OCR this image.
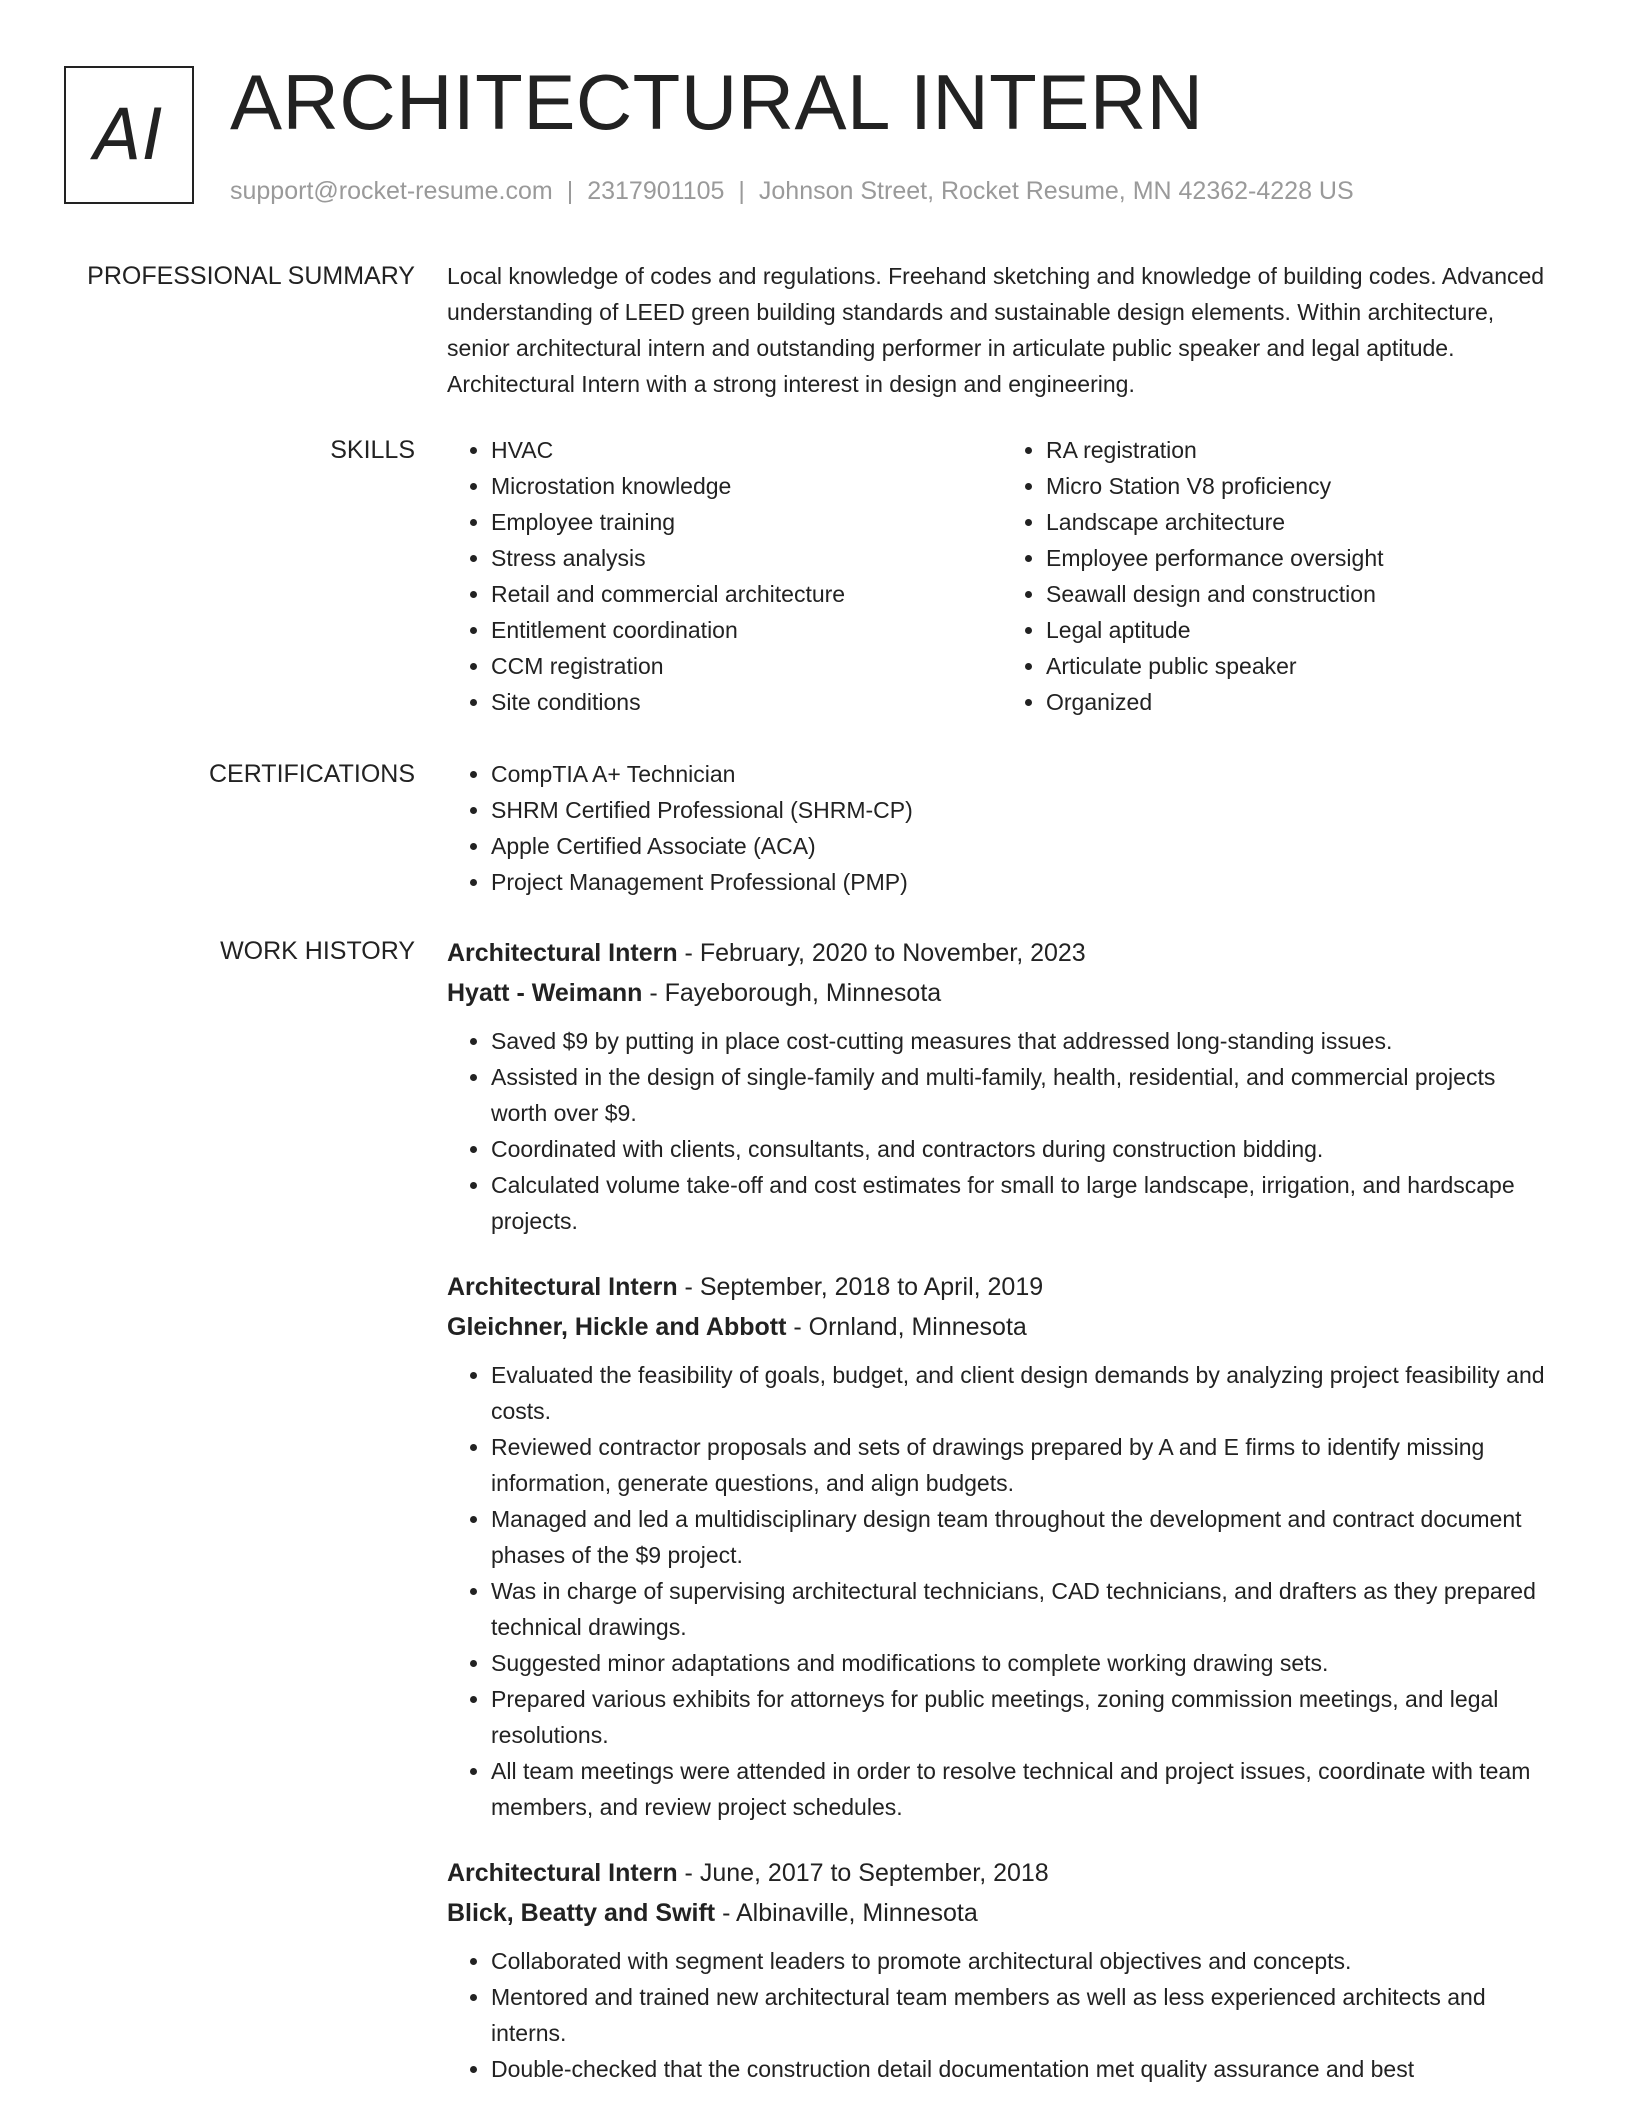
AI ARCHITECTURAL INTERN
support@rocket-resume.com | 2317901105 | Johnson Street, Rocket Resume, MN 42362-4228 US
PROFESSIONAL SUMMARY Local knowledge of codes and regulations. Freehand sketching and knowledge of building codes. Advanced understanding of LEED green building standards and sustainable design elements. Within architecture, senior architectural intern and outstanding performer in articulate public speaker and legal aptitude. Architectural Intern with a strong interest in design and engineering.
SKILLS	• HVAC
• Microstation knowledge
• Employee training
• Stress analysis
• Retail and commercial architecture
• Entitlement coordination
• CCM registration
• Site conditions
• RA registration
• Micro Station V8 proficiency
• Landscape architecture
• Employee performance oversight
• Seawall design and construction
• Legal aptitude
• Articulate public speaker
• Organized
CERTIFICATIONS	• CompTIA A+ Technician
• SHRM Certified Professional (SHRM-CP)
• Apple Certified Associate (ACA)
• Project Management Professional (PMP)
WORK HISTORY Architectural Intern - February, 2020 to November, 2023
Hyatt - Weimann - Fayeborough, Minnesota
• Saved $9 by putting in place cost-cutting measures that addressed long-standing issues.
• Assisted in the design of single-family and multi-family, health, residential, and commercial projects worth over $9.
• Coordinated with clients, consultants, and contractors during construction bidding.
• Calculated volume take-off and cost estimates for small to large landscape, irrigation, and hardscape projects.
Architectural Intern - September, 2018 to April, 2019
Gleichner, Hickle and Abbott - Ornland, Minnesota
• Evaluated the feasibility of goals, budget, and client design demands by analyzing project feasibility and costs.
• Reviewed contractor proposals and sets of drawings prepared by A and E firms to identify missing information, generate questions, and align budgets.
• Managed and led a multidisciplinary design team throughout the development and contract document phases of the $9 project.
• Was in charge of supervising architectural technicians, CAD technicians, and drafters as they prepared technical drawings.
• Suggested minor adaptations and modifications to complete working drawing sets.
• Prepared various exhibits for attorneys for public meetings, zoning commission meetings, and legal resolutions.
• All team meetings were attended in order to resolve technical and project issues, coordinate with team members, and review project schedules.
Architectural Intern - June, 2017 to September, 2018
Blick, Beatty and Swift - Albinaville, Minnesota
• Collaborated with segment leaders to promote architectural objectives and concepts.
• Mentored and trained new architectural team members as well as less experienced architects and interns.
• Double-checked that the construction detail documentation met quality assurance and best
